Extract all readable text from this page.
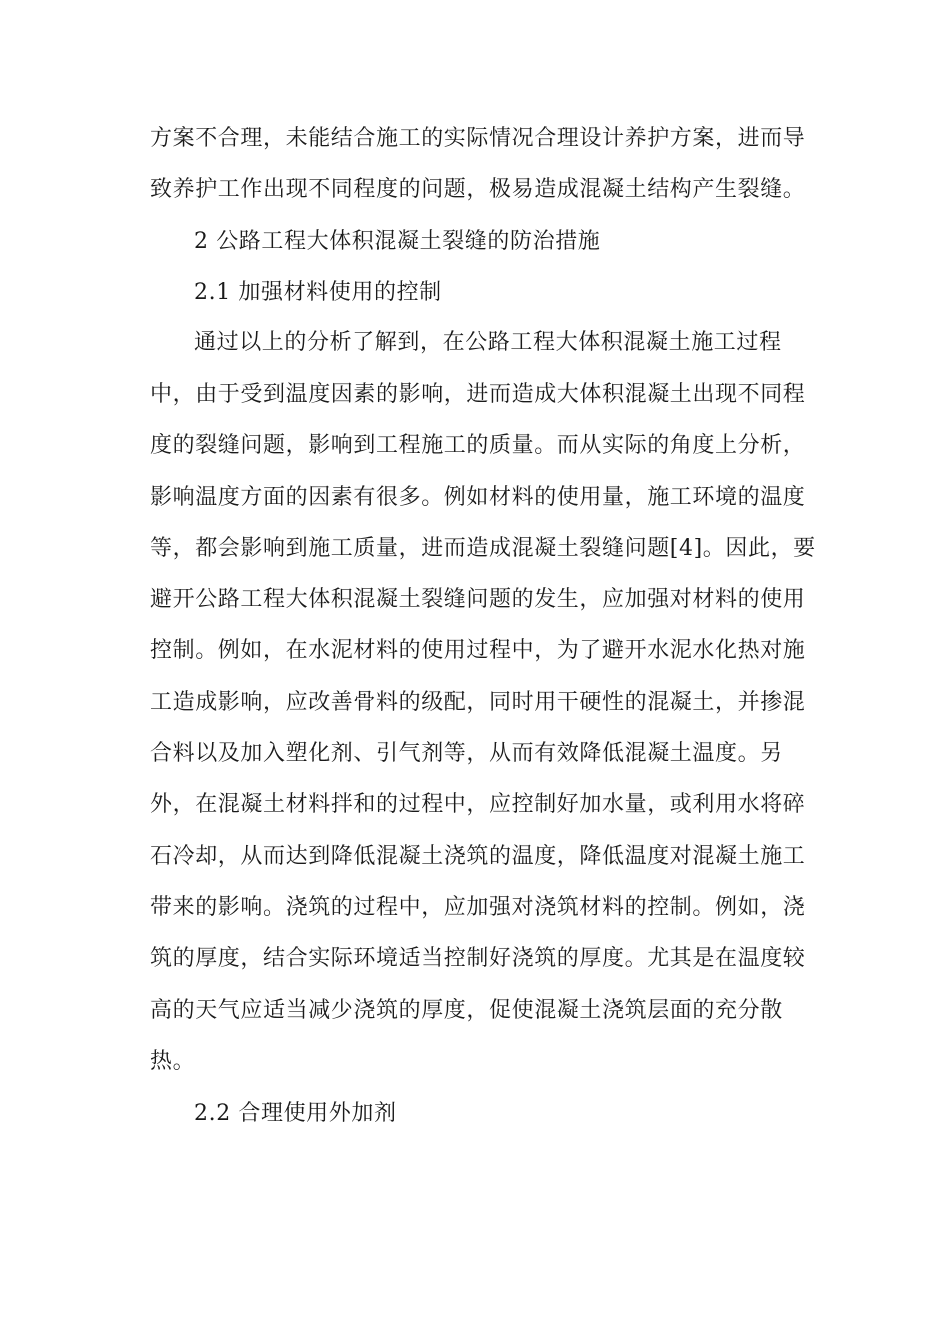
方案不合理，未能结合施工的实际情况合理设计养护方案，进而导
致养护工作出现不同程度的问题，极易造成混凝土结构产生裂缝。
2 公路工程大体积混凝土裂缝的防治措施
2.1 加强材料使用的控制
通过以上的分析了解到，在公路工程大体积混凝土施工过程
中，由于受到温度因素的影响，进而造成大体积混凝土出现不同程
度的裂缝问题，影响到工程施工的质量。而从实际的角度上分析，
影响温度方面的因素有很多。例如材料的使用量，施工环境的温度
等，都会影响到施工质量，进而造成混凝土裂缝问题[4]。因此，要
避开公路工程大体积混凝土裂缝问题的发生，应加强对材料的使用
控制。例如，在水泥材料的使用过程中，为了避开水泥水化热对施
工造成影响，应改善骨料的级配，同时用干硬性的混凝土，并掺混
合料以及加入塑化剂、引气剂等，从而有效降低混凝土温度。另
外，在混凝土材料拌和的过程中，应控制好加水量，或利用水将碎
石冷却，从而达到降低混凝土浇筑的温度，降低温度对混凝土施工
带来的影响。浇筑的过程中，应加强对浇筑材料的控制。例如，浇
筑的厚度，结合实际环境适当控制好浇筑的厚度。尤其是在温度较
高的天气应适当减少浇筑的厚度，促使混凝土浇筑层面的充分散
热。
2.2 合理使用外加剂
